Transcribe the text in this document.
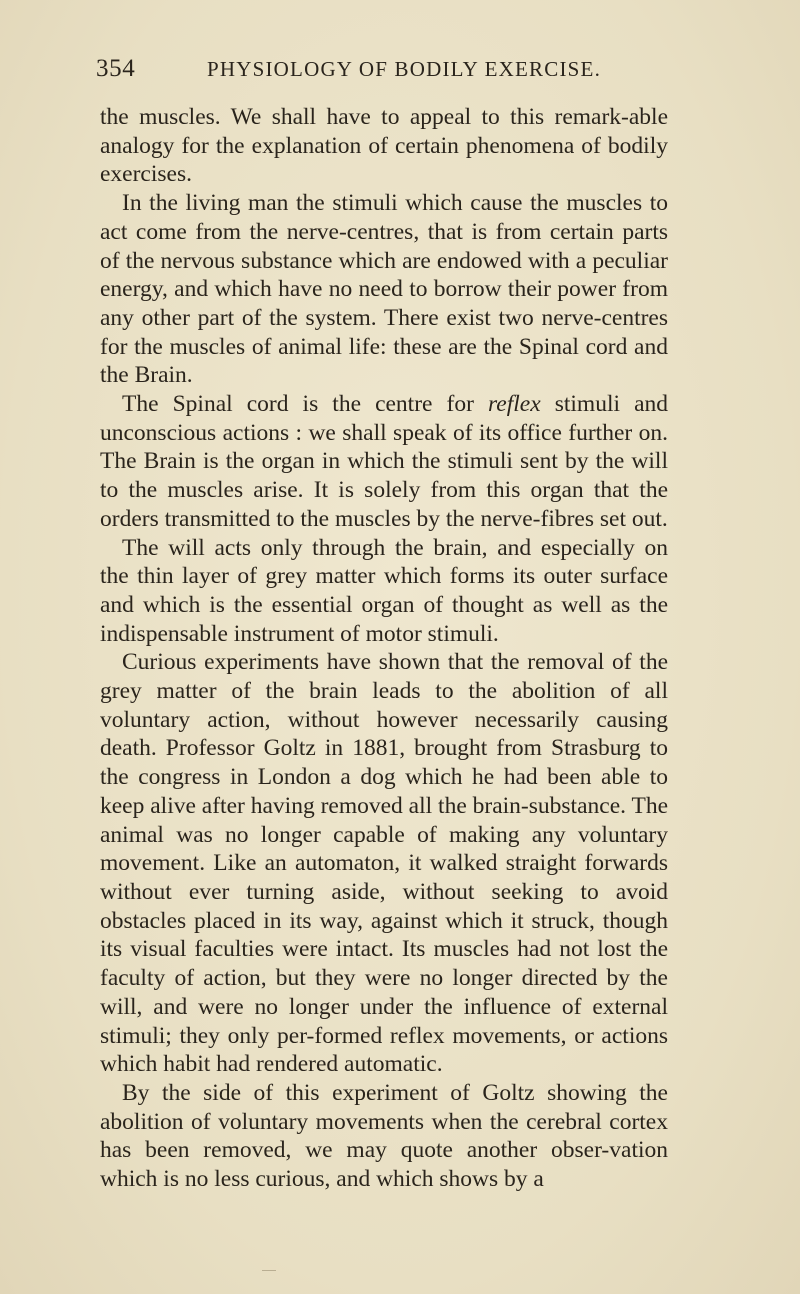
354	PHYSIOLOGY OF BODILY EXERCISE.

the muscles. We shall have to appeal to this remark-able analogy for the explanation of certain phenomena of bodily exercises.

In the living man the stimuli which cause the muscles to act come from the nerve-centres, that is from certain parts of the nervous substance which are endowed with a peculiar energy, and which have no need to borrow their power from any other part of the system. There exist two nerve-centres for the muscles of animal life: these are the Spinal cord and the Brain.

The Spinal cord is the centre for reflex stimuli and unconscious actions : we shall speak of its office further on. The Brain is the organ in which the stimuli sent by the will to the muscles arise. It is solely from this organ that the orders transmitted to the muscles by the nerve-fibres set out.

The will acts only through the brain, and especially on the thin layer of grey matter which forms its outer surface and which is the essential organ of thought as well as the indispensable instrument of motor stimuli.

Curious experiments have shown that the removal of the grey matter of the brain leads to the abolition of all voluntary action, without however necessarily causing death. Professor Goltz in 1881, brought from Strasburg to the congress in London a dog which he had been able to keep alive after having removed all the brain-substance. The animal was no longer capable of making any voluntary movement. Like an automaton, it walked straight forwards without ever turning aside, without seeking to avoid obstacles placed in its way, against which it struck, though its visual faculties were intact. Its muscles had not lost the faculty of action, but they were no longer directed by the will, and were no longer under the influence of external stimuli; they only per-formed reflex movements, or actions which habit had rendered automatic.

By the side of this experiment of Goltz showing the abolition of voluntary movements when the cerebral cortex has been removed, we may quote another obser-vation which is no less curious, and which shows by a
